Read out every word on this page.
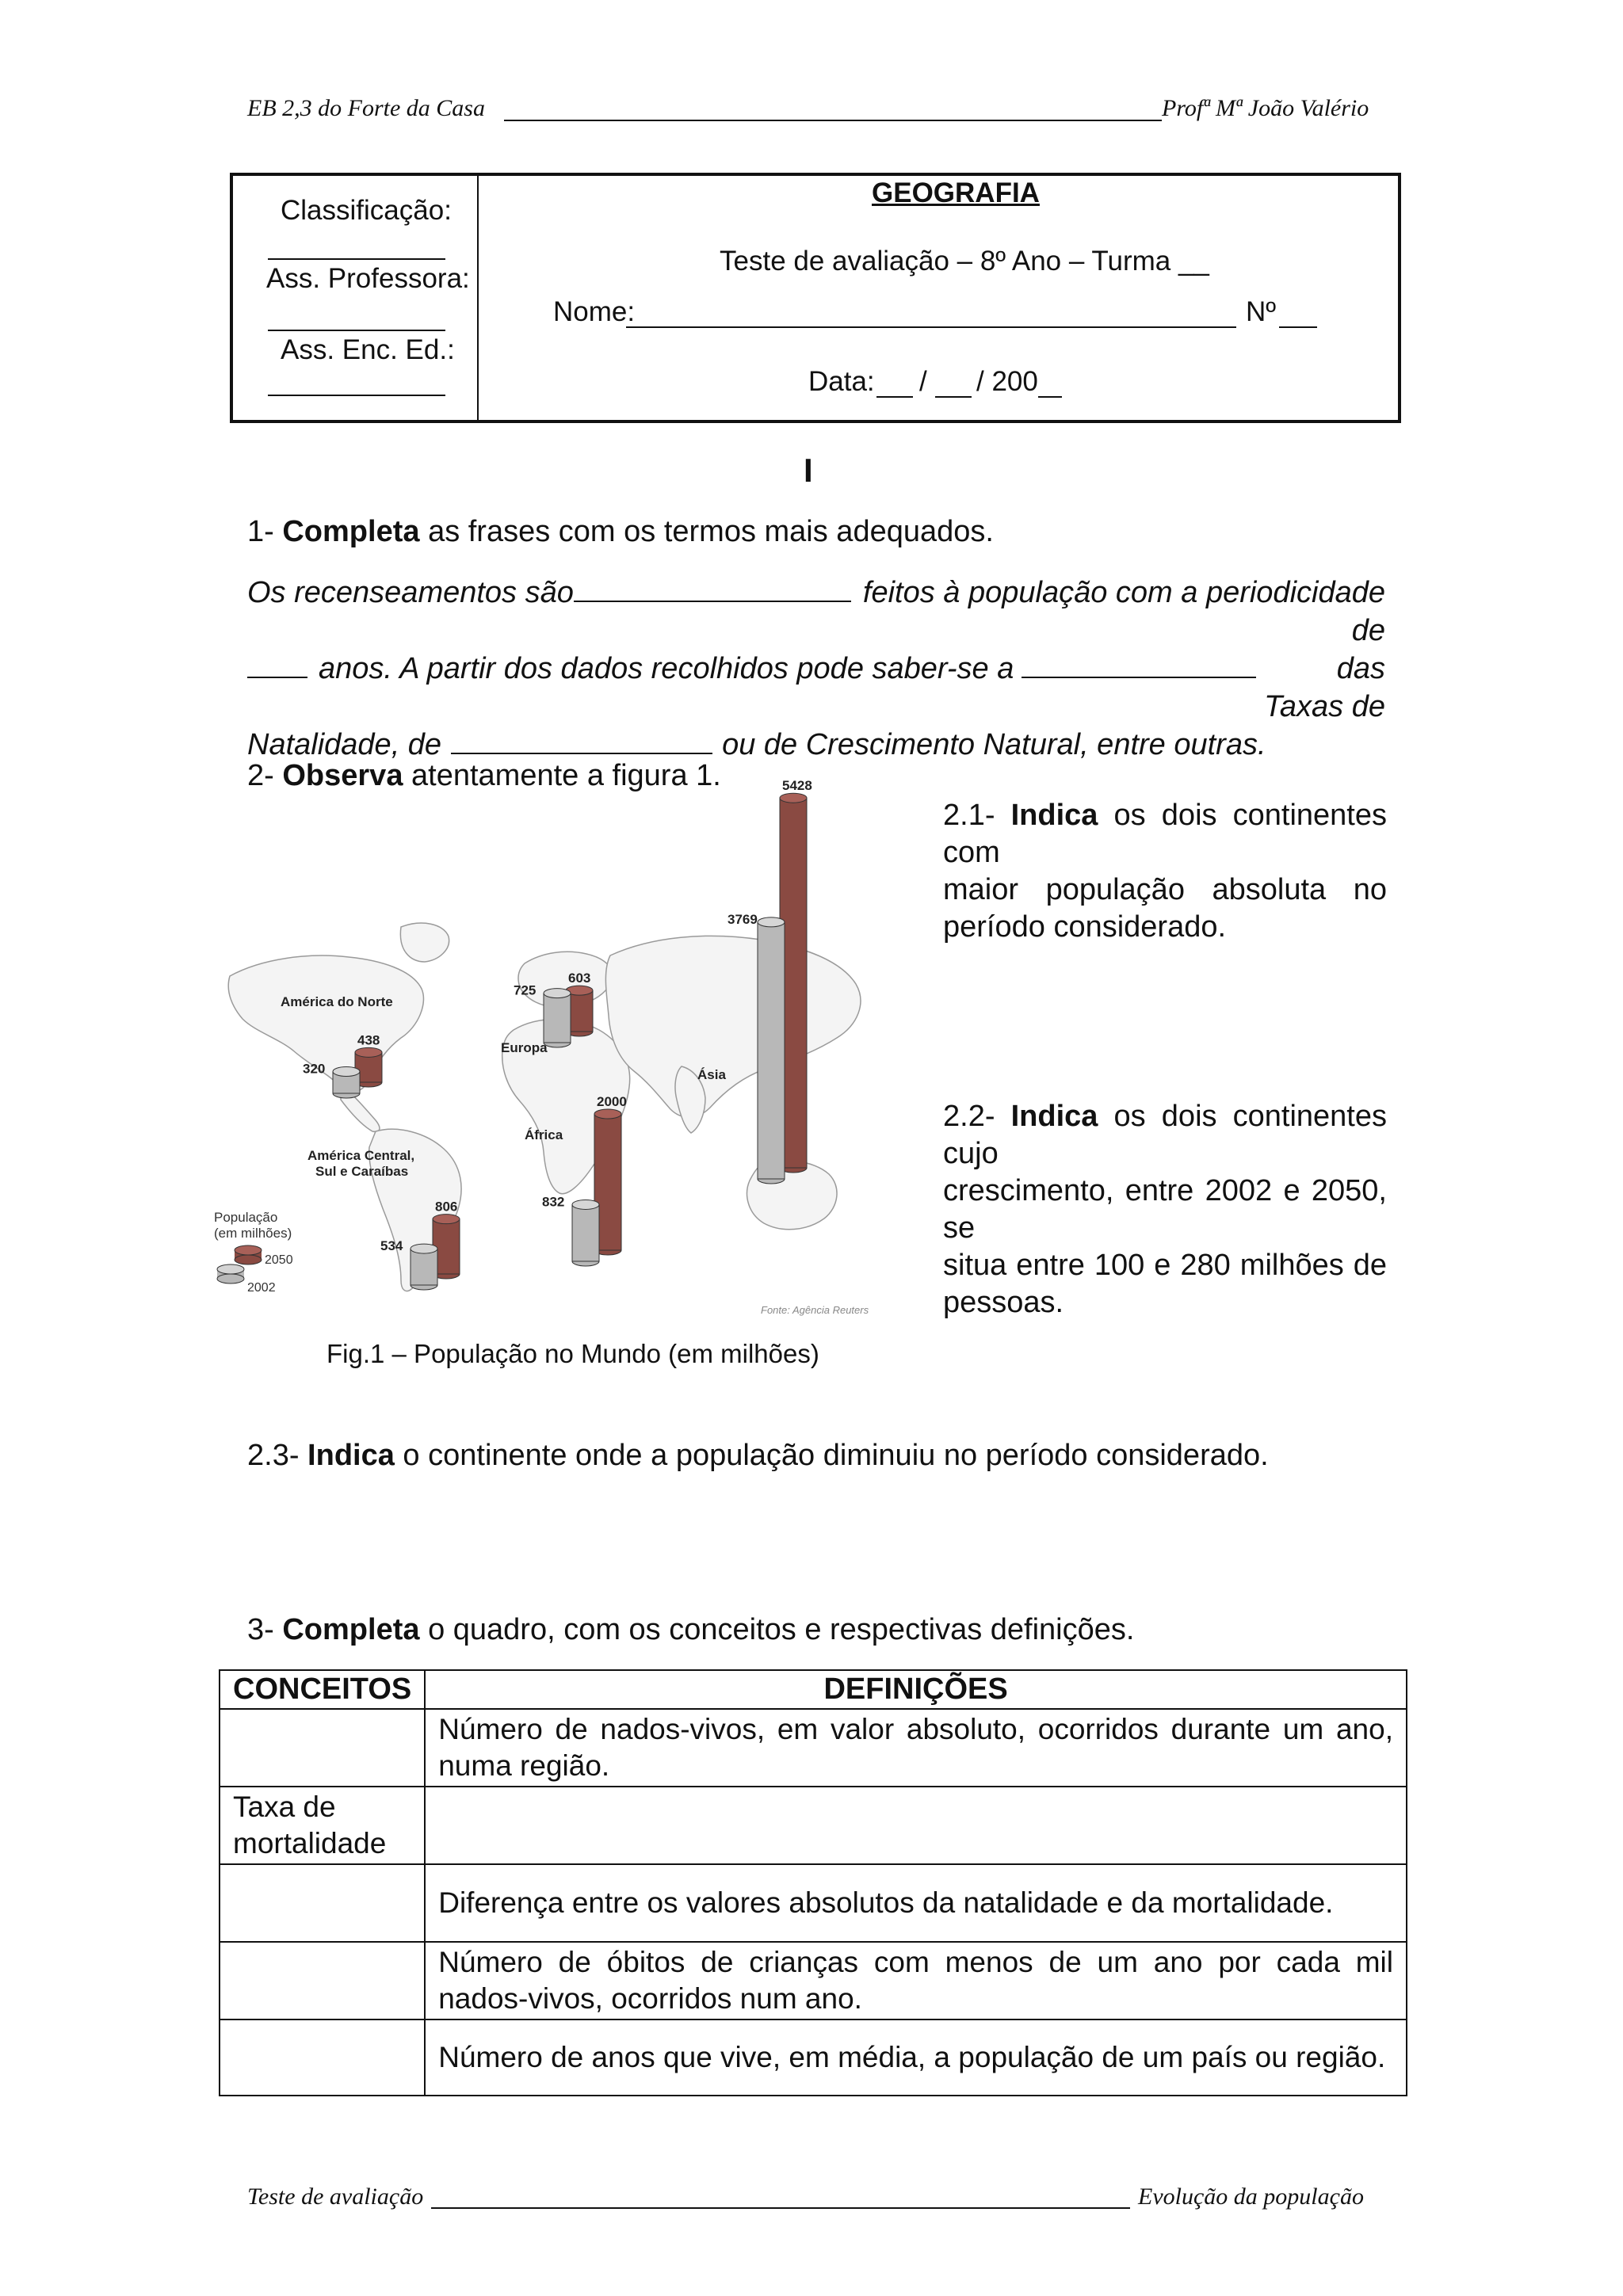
EB 2,3 do Forte da Casa	Profª Mª João Valério
Classificação:
Ass. Professora:
Ass. Enc. Ed.:
GEOGRAFIA
Teste de avaliação – 8º Ano – Turma __
Nome:	Nº
Data: / / 200
I
1- Completa as frases com os termos mais adequados.
Os recenseamentos são	feitos à população com a periodicidade de
anos. A partir dos dados recolhidos pode saber-se a	das Taxas de
Natalidade, de	ou de Crescimento Natural, entre outras.
2- Observa atentamente a figura 1.
438
320
806
534
603
725
2000
832
5428
3769
América do Norte
América Central,
Sul e Caraíbas
Europa
África
Ásia
População
(em milhões)
2050
2002
Fonte: Agência Reuters
Fig.1 – População no Mundo (em milhões)
2.1- Indica os dois continentes com
maior população absoluta no
período considerado.
2.2- Indica os dois continentes cujo
crescimento, entre 2002 e 2050, se
situa entre 100 e 280 milhões de
pessoas.
2.3- Indica o continente onde a população diminuiu no período considerado.
3- Completa o quadro, com os conceitos e respectivas definições.
CONCEITOS	DEFINIÇÕES
	Número de nados-vivos, em valor absoluto, ocorridos durante um ano, numa região.
Taxa de mortalidade	
	Diferença entre os valores absolutos da natalidade e da mortalidade.
	Número de óbitos de crianças com menos de um ano por cada mil nados-vivos, ocorridos num ano.
	Número de anos que vive, em média, a população de um país ou região.
Teste de avaliação	Evolução da população
